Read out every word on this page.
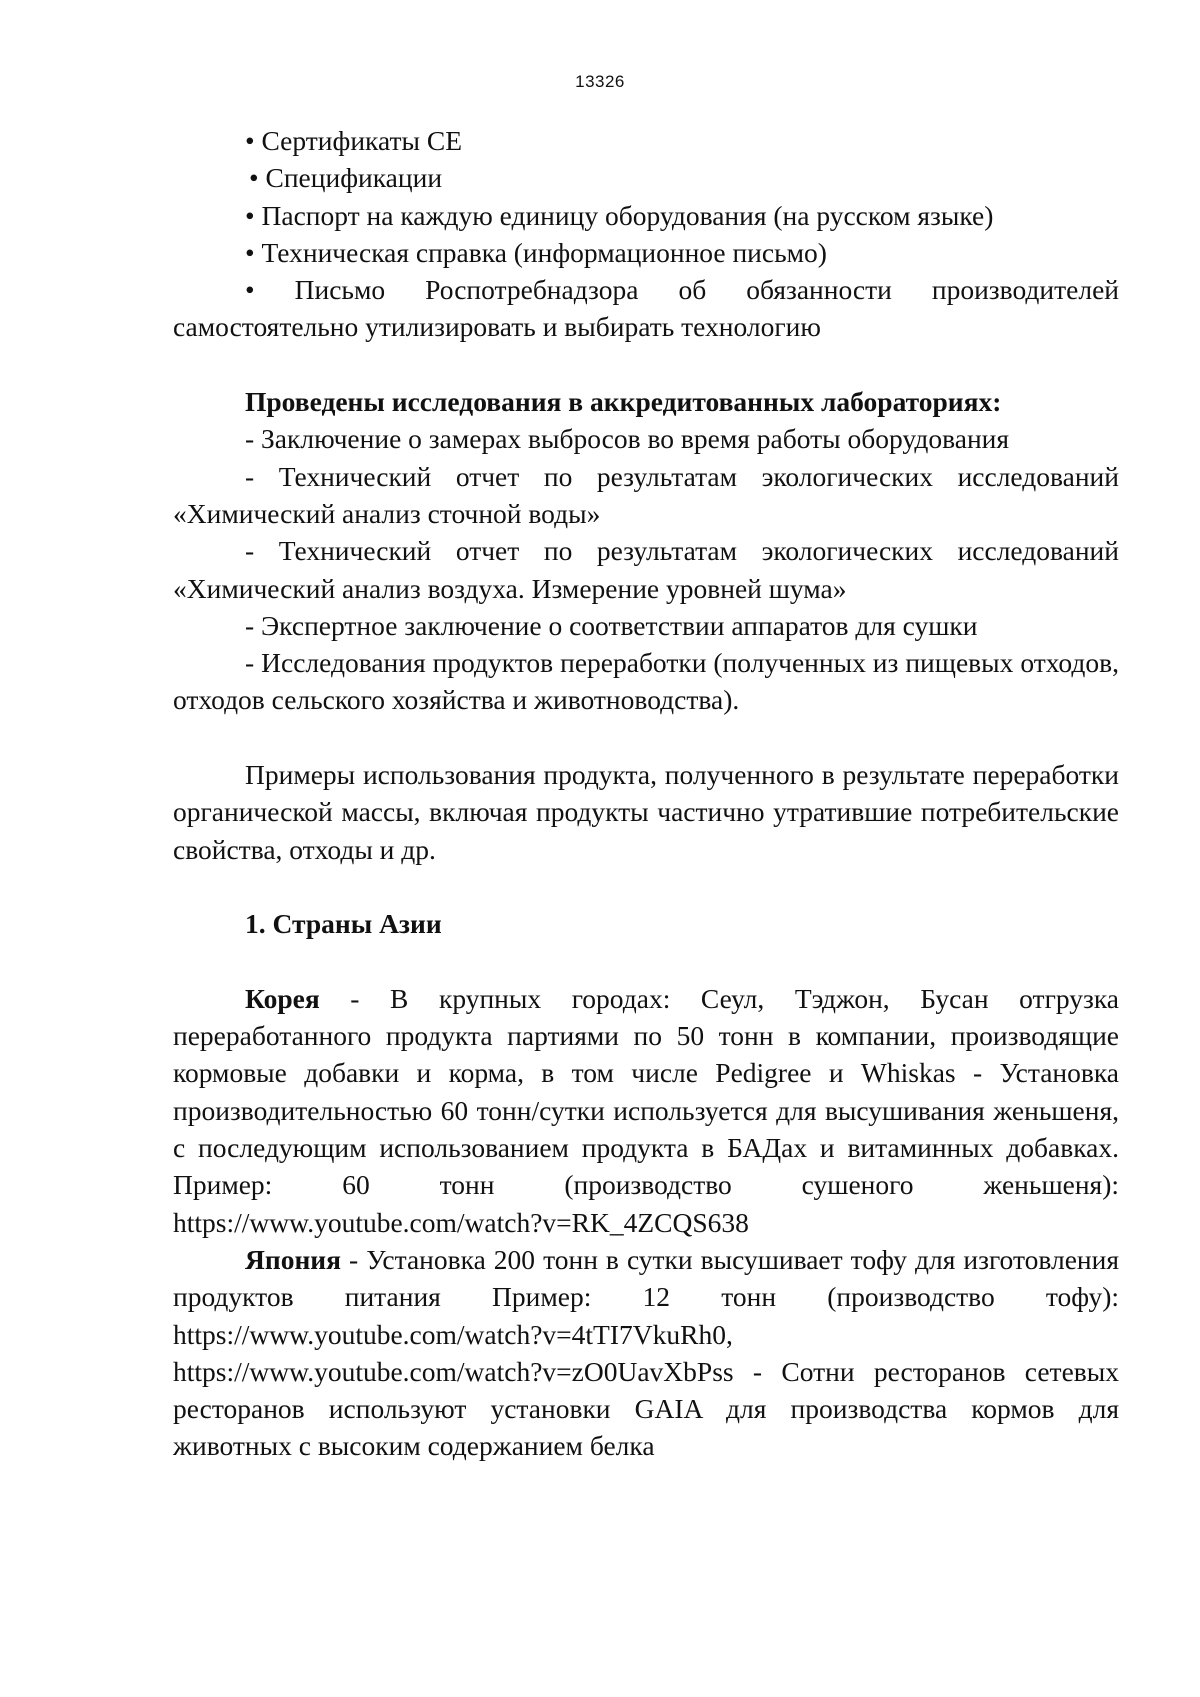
13326

• Сертификаты СЕ

• Спецификации

• Паспорт на каждую единицу оборудования (на русском языке)

• Техническая справка (информационное письмо)

• Письмо Роспотребнадзора об обязанности производителей самостоятельно утилизировать и выбирать технологию

Проведены исследования в аккредитованных лабораториях:

- Заключение о замерах выбросов во время работы оборудования

- Технический отчет по результатам экологических исследований «Химический анализ сточной воды»

- Технический отчет по результатам экологических исследований «Химический анализ воздуха. Измерение уровней шума»

- Экспертное заключение о соответствии аппаратов для сушки

- Исследования продуктов переработки (полученных из пищевых отходов, отходов сельского хозяйства и животноводства).

Примеры использования продукта, полученного в результате переработки органической массы, включая продукты частично утратившие потребительские свойства, отходы и др.

1. Страны Азии

Корея - В крупных городах: Сеул, Тэджон, Бусан отгрузка переработанного продукта партиями по 50 тонн в компании, производящие кормовые добавки и корма, в том числе Pedigree и Whiskas - Установка производительностью 60 тонн/сутки используется для высушивания женьшеня, с последующим использованием продукта в БАДах и витаминных добавках. Пример: 60 тонн (производство сушеного женьшеня): https://www.youtube.com/watch?v=RK_4ZCQS638

Япония - Установка 200 тонн в сутки высушивает тофу для изготовления продуктов питания Пример: 12 тонн (производство тофу): https://www.youtube.com/watch?v=4tTI7VkuRh0,

https://www.youtube.com/watch?v=zO0UavXbPss - Сотни ресторанов сетевых ресторанов используют установки GAIA для производства кормов для животных с высоким содержанием белка
